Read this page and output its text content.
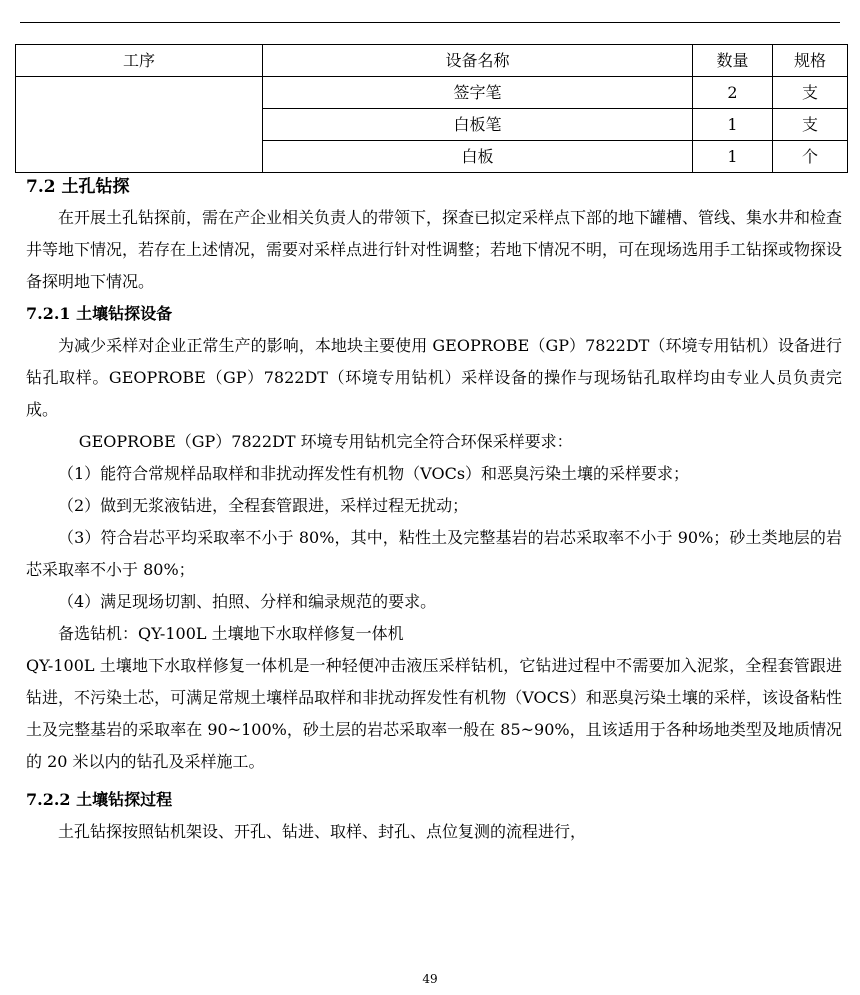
工序	设备名称	数量	规格
	签字笔	2	支
	白板笔	1	支
	白板	1	个
7.2 土孔钻探

在开展土孔钻探前，需在产企业相关负责人的带领下，探查已拟定采样点下部的地下罐槽、管线、集水井和检查井等地下情况，若存在上述情况，需要对采样点进行针对性调整；若地下情况不明，可在现场选用手工钻探或物探设备探明地下情况。

7.2.1 土壤钻探设备

为减少采样对企业正常生产的影响，本地块主要使用 GEOPROBE（GP）7822DT（环境专用钻机）设备进行钻孔取样。GEOPROBE（GP）7822DT（环境专用钻机）采样设备的操作与现场钻孔取样均由专业人员负责完成。

GEOPROBE（GP）7822DT 环境专用钻机完全符合环保采样要求：

（1）能符合常规样品取样和非扰动挥发性有机物（VOCs）和恶臭污染土壤的采样要求；

（2）做到无浆液钻进，全程套管跟进，采样过程无扰动；

（3）符合岩芯平均采取率不小于 80%，其中，粘性土及完整基岩的岩芯采取率不小于 90%；砂土类地层的岩芯采取率不小于 80%；

（4）满足现场切割、拍照、分样和编录规范的要求。

备选钻机：QY-100L 土壤地下水取样修复一体机

QY-100L 土壤地下水取样修复一体机是一种轻便冲击液压采样钻机，它钻进过程中不需要加入泥浆，全程套管跟进钻进，不污染土芯，可满足常规土壤样品取样和非扰动挥发性有机物（VOCS）和恶臭污染土壤的采样，该设备粘性土及完整基岩的采取率在 90~100%，砂土层的岩芯采取率一般在 85~90%，且该适用于各种场地类型及地质情况的 20 米以内的钻孔及采样施工。

7.2.2 土壤钻探过程

土孔钻探按照钻机架设、开孔、钻进、取样、封孔、点位复测的流程进行，

49
